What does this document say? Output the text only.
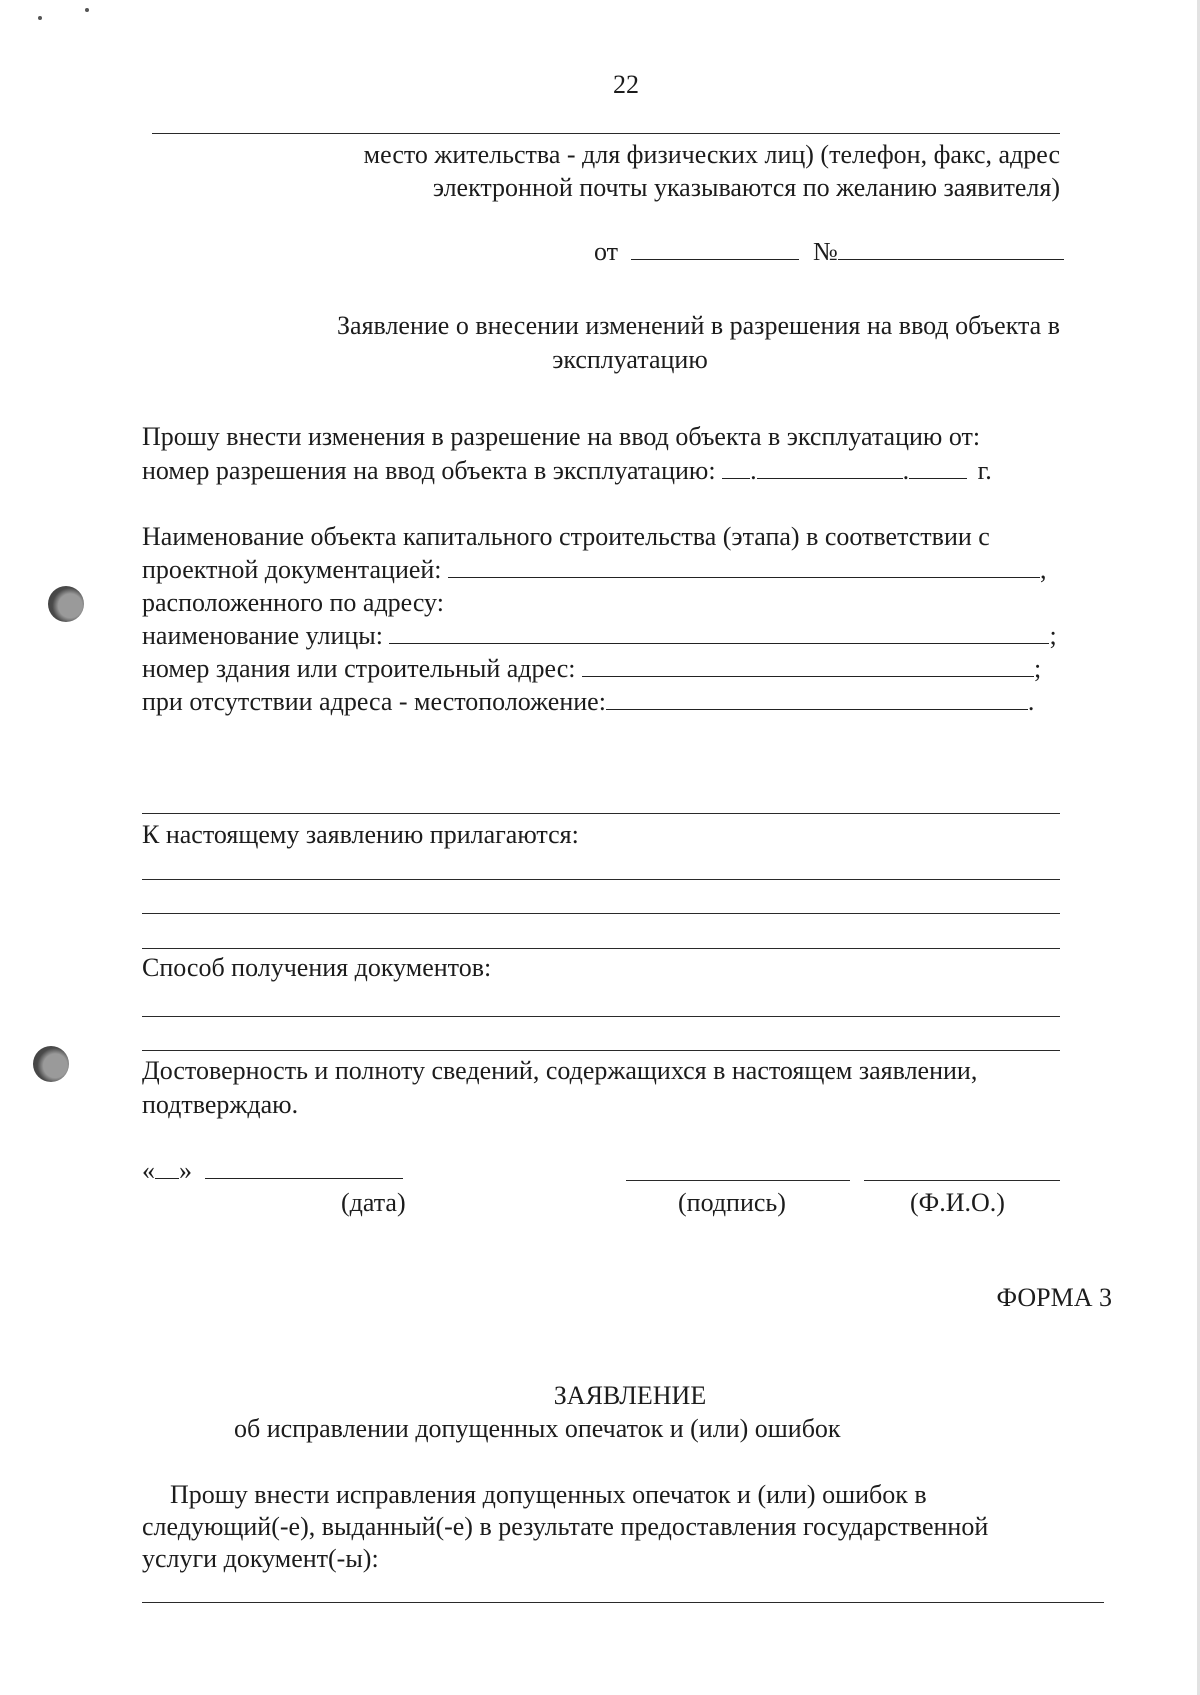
22
место жительства - для физических лиц) (телефон, факс, адрес
электронной почты указываются по желанию заявителя)
от	№
Заявление о внесении изменений в разрешения на ввод объекта в
эксплуатацию
Прошу внести изменения в разрешение на ввод объекта в эксплуатацию от:
номер разрешения на ввод объекта в эксплуатацию: .	.	г.
Наименование объекта капитального строительства (этапа) в соответствии с
проектной документацией:	,
расположенного по адресу:
наименование улицы:	;
номер здания или строительный адрес:	;
при отсутствии адреса - местоположение:	.
К настоящему заявлению прилагаются:
Способ получения документов:
Достоверность и полноту сведений, содержащихся в настоящем заявлении,
подтверждаю.
« »
(дата)	(подпись)	(Ф.И.О.)
ФОРМА 3
ЗАЯВЛЕНИЕ
об исправлении допущенных опечаток и (или) ошибок
Прошу внести исправления допущенных опечаток и (или) ошибок в
следующий(-е), выданный(-е) в результате предоставления государственной
услуги документ(-ы):
